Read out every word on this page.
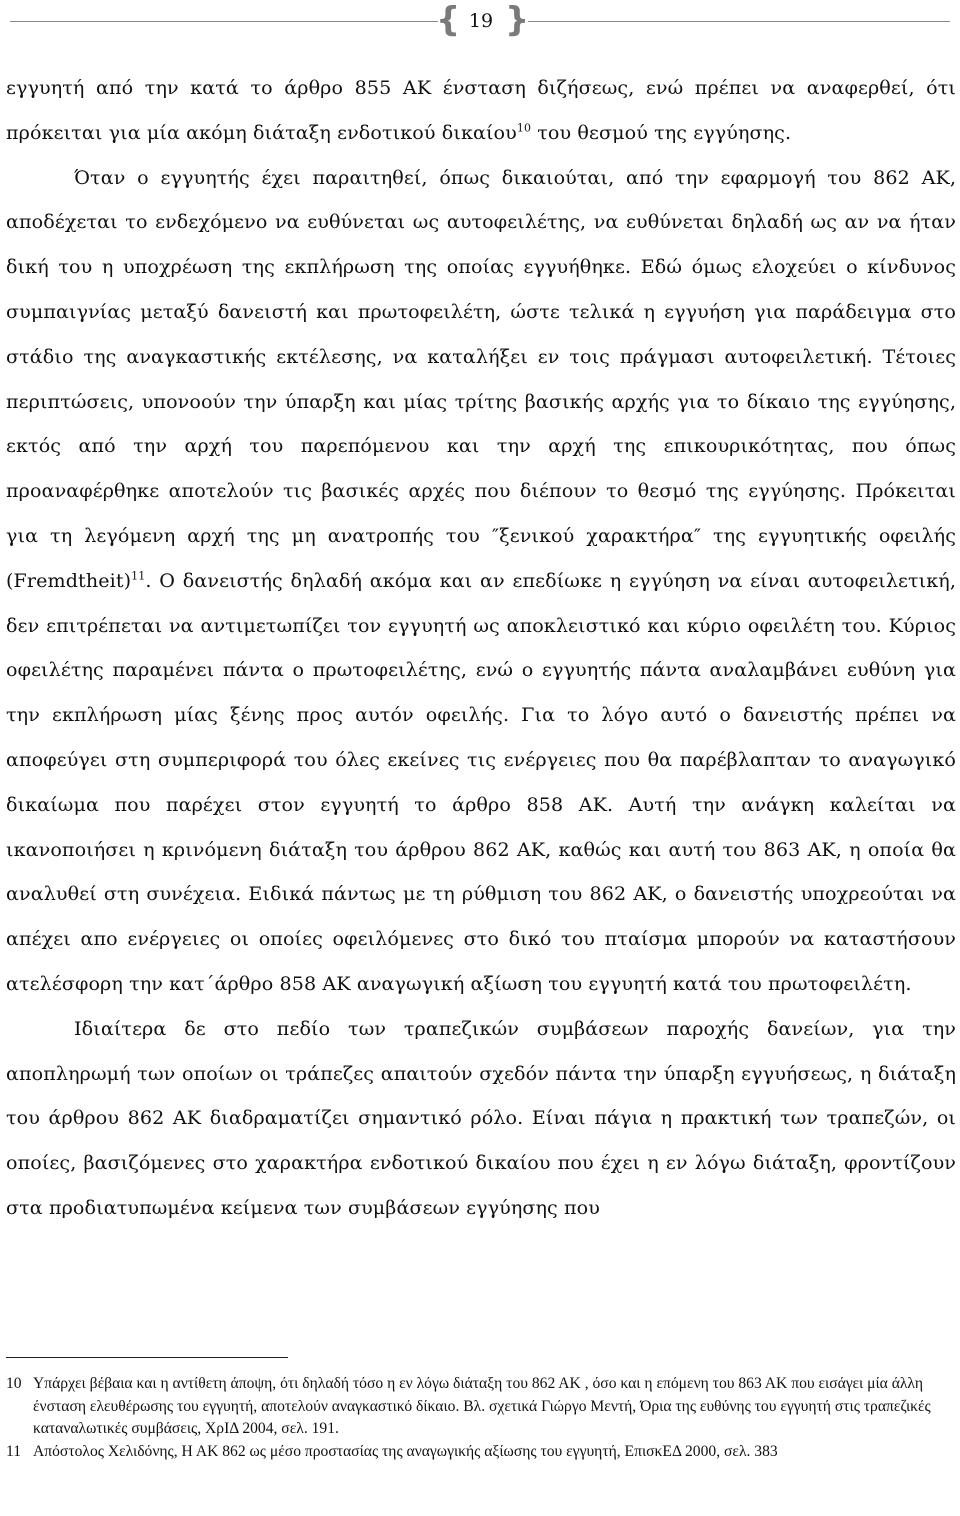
{ 19 }

εγγυητή από την κατά το άρθρο 855 ΑΚ ένσταση διζήσεως, ενώ πρέπει να αναφερθεί, ότι πρόκειται για μία ακόμη διάταξη ενδοτικού δικαίου$^{10}$ του θεσμού της εγγύησης.

Όταν ο εγγυητής έχει παραιτηθεί, όπως δικαιούται, από την εφαρμογή του 862 ΑΚ, αποδέχεται το ενδεχόμενο να ευθύνεται ως αυτοφειλέτης, να ευθύνεται δηλαδή ως αν να ήταν δική του η υποχρέωση της εκπλήρωση της οποίας εγγυήθηκε. Εδώ όμως ελοχεύει ο κίνδυνος συμπαιγνίας μεταξύ δανειστή και πρωτοφειλέτη, ώστε τελικά η εγγυήση για παράδειγμα στο στάδιο της αναγκαστικής εκτέλεσης, να καταλήξει εν τοις πράγμασι αυτοφειλετική. Τέτοιες περιπτώσεις, υπονοούν την ύπαρξη και μίας τρίτης βασικής αρχής για το δίκαιο της εγγύησης, εκτός από την αρχή του παρεπόμενου και την αρχή της επικουρικότητας, που όπως προαναφέρθηκε αποτελούν τις βασικές αρχές που διέπουν το θεσμό της εγγύησης. Πρόκειται για τη λεγόμενη αρχή της μη ανατροπής του ″ξενικού χαρακτήρα″ της εγγυητικής οφειλής (Fremdtheit)$^{11}$. Ο δανειστής δηλαδή ακόμα και αν επεδίωκε η εγγύηση να είναι αυτοφειλετική, δεν επιτρέπεται να αντιμετωπίζει τον εγγυητή ως αποκλειστικό και κύριο οφειλέτη του. Κύριος οφειλέτης παραμένει πάντα ο πρωτοφειλέτης, ενώ ο εγγυητής πάντα αναλαμβάνει ευθύνη για την εκπλήρωση μίας ξένης προς αυτόν οφειλής. Για το λόγο αυτό ο δανειστής πρέπει να αποφεύγει στη συμπεριφορά του όλες εκείνες τις ενέργειες που θα παρέβλαπταν το αναγωγικό δικαίωμα που παρέχει στον εγγυητή το άρθρο 858 ΑΚ. Αυτή την ανάγκη καλείται να ικανοποιήσει η κρινόμενη διάταξη του άρθρου 862 ΑΚ, καθώς και αυτή του 863 ΑΚ, η οποία θα αναλυθεί στη συνέχεια. Ειδικά πάντως με τη ρύθμιση του 862 ΑΚ, ο δανειστής υποχρεούται να απέχει απο ενέργειες οι οποίες οφειλόμενες στο δικό του πταίσμα μπορούν να καταστήσουν ατελέσφορη την κατ΄άρθρο 858 ΑΚ αναγωγική αξίωση του εγγυητή κατά του πρωτοφειλέτη.

Ιδιαίτερα δε στο πεδίο των τραπεζικών συμβάσεων παροχής δανείων, για την αποπληρωμή των οποίων οι τράπεζες απαιτούν σχεδόν πάντα την ύπαρξη εγγυήσεως, η διάταξη του άρθρου 862 ΑΚ διαδραματίζει σημαντικό ρόλο. Είναι πάγια η πρακτική των τραπεζών, οι οποίες, βασιζόμενες στο χαρακτήρα ενδοτικού δικαίου που έχει η εν λόγω διάταξη, φροντίζουν στα προδιατυπωμένα κείμενα των συμβάσεων εγγύησης που

10 Υπάρχει βέβαια και η αντίθετη άποψη, ότι δηλαδή τόσο η εν λόγω διάταξη του 862 ΑΚ , όσο και η επόμενη του 863 ΑΚ που εισάγει μία άλλη ένσταση ελευθέρωσης του εγγυητή, αποτελούν αναγκαστικό δίκαιο. Βλ. σχετικά Γιώργο Μεντή, Όρια της ευθύνης του εγγυητή στις τραπεζικές καταναλωτικές συμβάσεις, ΧρΙΔ 2004, σελ. 191.
11 Απόστολος Χελιδόνης, Η ΑΚ 862 ως μέσο προστασίας της αναγωγικής αξίωσης του εγγυητή, ΕπισκΕΔ 2000, σελ. 383
